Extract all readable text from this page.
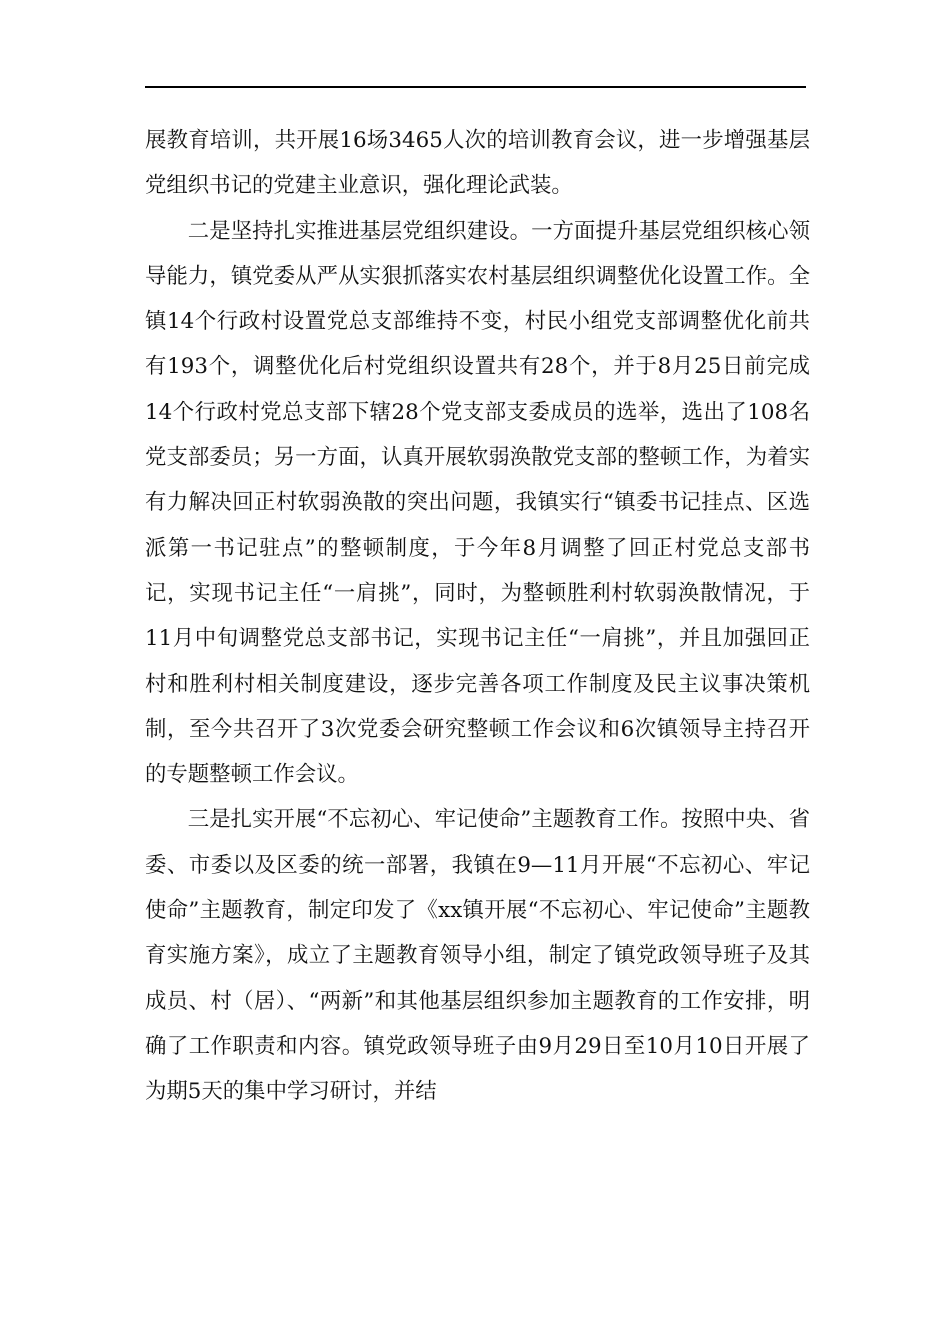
展教育培训，共开展16场3465人次的培训教育会议，进一步增强基层党组织书记的党建主业意识，强化理论武装。

二是坚持扎实推进基层党组织建设。一方面提升基层党组织核心领导能力，镇党委从严从实狠抓落实农村基层组织调整优化设置工作。全镇14个行政村设置党总支部维持不变，村民小组党支部调整优化前共有193个，调整优化后村党组织设置共有28个，并于8月25日前完成14个行政村党总支部下辖28个党支部支委成员的选举，选出了108名党支部委员；另一方面，认真开展软弱涣散党支部的整顿工作，为着实有力解决回正村软弱涣散的突出问题，我镇实行“镇委书记挂点、区选派第一书记驻点”的整顿制度，于今年8月调整了回正村党总支部书记，实现书记主任“一肩挑”，同时，为整顿胜利村软弱涣散情况，于11月中旬调整党总支部书记，实现书记主任“一肩挑”，并且加强回正村和胜利村相关制度建设，逐步完善各项工作制度及民主议事决策机制，至今共召开了3次党委会研究整顿工作会议和6次镇领导主持召开的专题整顿工作会议。

三是扎实开展“不忘初心、牢记使命”主题教育工作。按照中央、省委、市委以及区委的统一部署，我镇在9—11月开展“不忘初心、牢记使命”主题教育，制定印发了《xx镇开展“不忘初心、牢记使命”主题教育实施方案》，成立了主题教育领导小组，制定了镇党政领导班子及其成员、村（居）、“两新”和其他基层组织参加主题教育的工作安排，明确了工作职责和内容。镇党政领导班子由9月29日至10月10日开展了为期5天的集中学习研讨，并结
